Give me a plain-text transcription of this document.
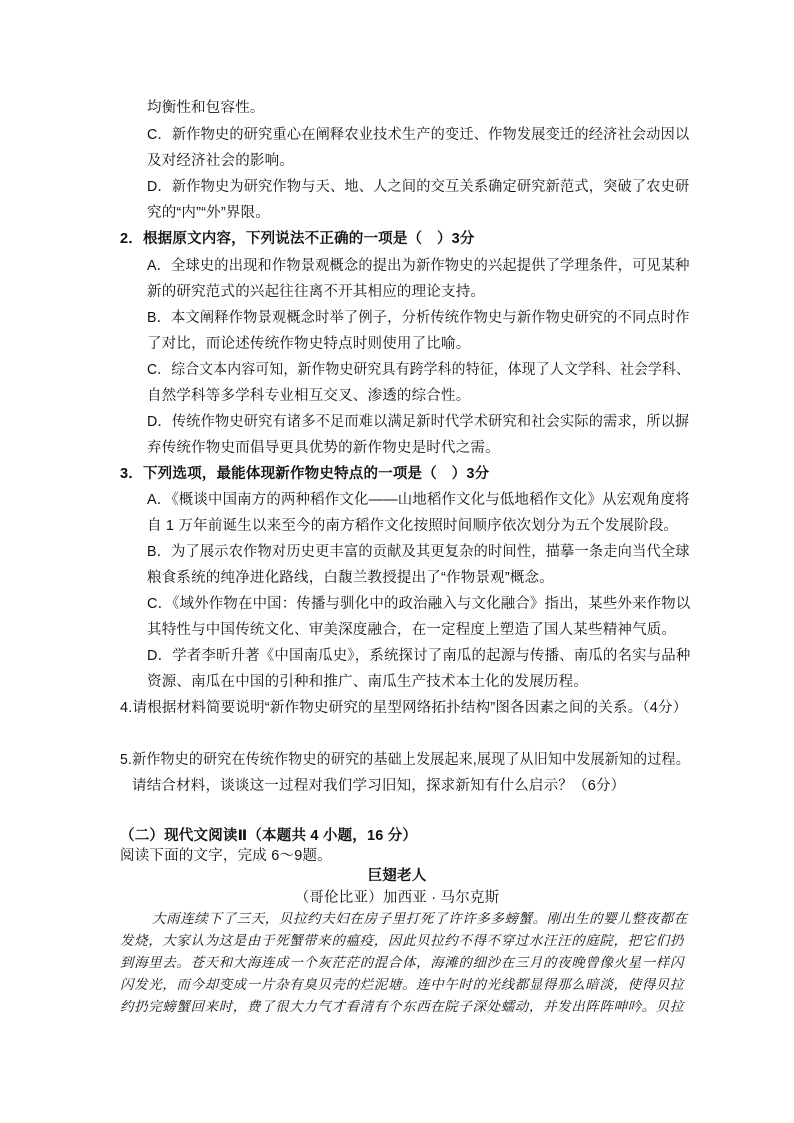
均衡性和包容性。
C．新作物史的研究重心在阐释农业技术生产的变迁、作物发展变迁的经济社会动因以
及对经济社会的影响。
D．新作物史为研究作物与天、地、人之间的交互关系确定研究新范式，突破了农史研
究的“内”“外”界限。
2．根据原文内容，下列说法不正确的一项是（　）3分
A．全球史的出现和作物景观概念的提出为新作物史的兴起提供了学理条件，可见某种
新的研究范式的兴起往往离不开其相应的理论支持。
B．本文阐释作物景观概念时举了例子，分析传统作物史与新作物史研究的不同点时作
了对比，而论述传统作物史特点时则使用了比喻。
C．综合文本内容可知，新作物史研究具有跨学科的特征，体现了人文学科、社会学科、
自然学科等多学科专业相互交叉、渗透的综合性。
D．传统作物史研究有诸多不足而难以满足新时代学术研究和社会实际的需求，所以摒
弃传统作物史而倡导更具优势的新作物史是时代之需。
3．下列选项，最能体现新作物史特点的一项是（　）3分
A．《概谈中国南方的两种稻作文化——山地稻作文化与低地稻作文化》从宏观角度将
自 1 万年前诞生以来至今的南方稻作文化按照时间顺序依次划分为五个发展阶段。
B．为了展示农作物对历史更丰富的贡献及其更复杂的时间性，描摹一条走向当代全球
粮食系统的纯净进化路线，白馥兰教授提出了“作物景观”概念。
C．《域外作物在中国：传播与驯化中的政治融入与文化融合》指出，某些外来作物以
其特性与中国传统文化、审美深度融合，在一定程度上塑造了国人某些精神气质。
D．学者李昕升著《中国南瓜史》，系统探讨了南瓜的起源与传播、南瓜的名实与品种
资源、南瓜在中国的引种和推广、南瓜生产技术本土化的发展历程。
4.请根据材料简要说明“新作物史研究的星型网络拓扑结构”图各因素之间的关系。（4分）
5.新作物史的研究在传统作物史的研究的基础上发展起来,展现了从旧知中发展新知的过程。
请结合材料，谈谈这一过程对我们学习旧知，探求新知有什么启示？（6分）
（二）现代文阅读Ⅱ（本题共 4 小题，16 分）
阅读下面的文字，完成 6～9题。
巨翅老人
（哥伦比亚）加西亚 · 马尔克斯
大雨连续下了三天，贝拉约夫妇在房子里打死了许许多多螃蟹。刚出生的婴儿整夜都在
发烧，大家认为这是由于死蟹带来的瘟疫，因此贝拉约不得不穿过水汪汪的庭院，把它们扔
到海里去。苍天和大海连成一个灰茫茫的混合体，海滩的细沙在三月的夜晚曾像火星一样闪
闪发光，而今却变成一片杂有臭贝壳的烂泥塘。连中午时的光线都显得那么暗淡，使得贝拉
约扔完螃蟹回来时，费了很大力气才看清有个东西在院子深处蠕动，并发出阵阵呻吟。贝拉
